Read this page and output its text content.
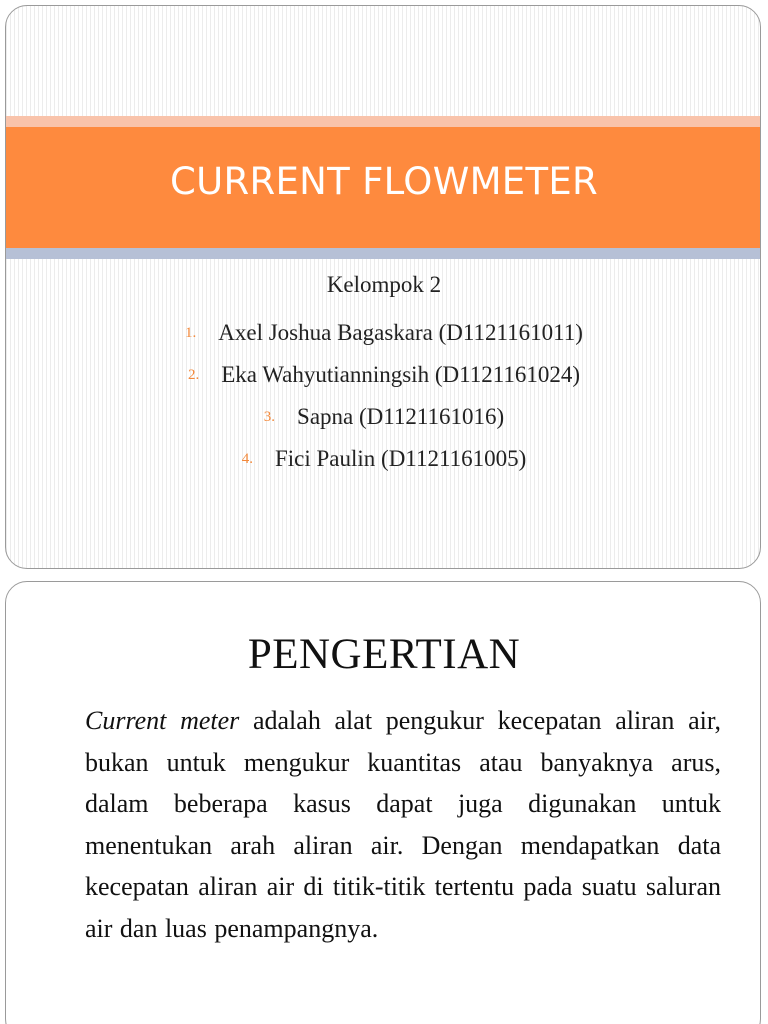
CURRENT FLOWMETER

Kelompok 2

1. Axel Joshua Bagaskara (D1121161011)
2. Eka Wahyutianningsih (D1121161024)
3. Sapna (D1121161016)
4. Fici Paulin (D1121161005)
PENGERTIAN

Current meter adalah alat pengukur kecepatan aliran air, bukan untuk mengukur kuantitas atau banyaknya arus, dalam beberapa kasus dapat juga digunakan untuk menentukan arah aliran air. Dengan mendapatkan data kecepatan aliran air di titik-titik tertentu pada suatu saluran air dan luas penampangnya.
